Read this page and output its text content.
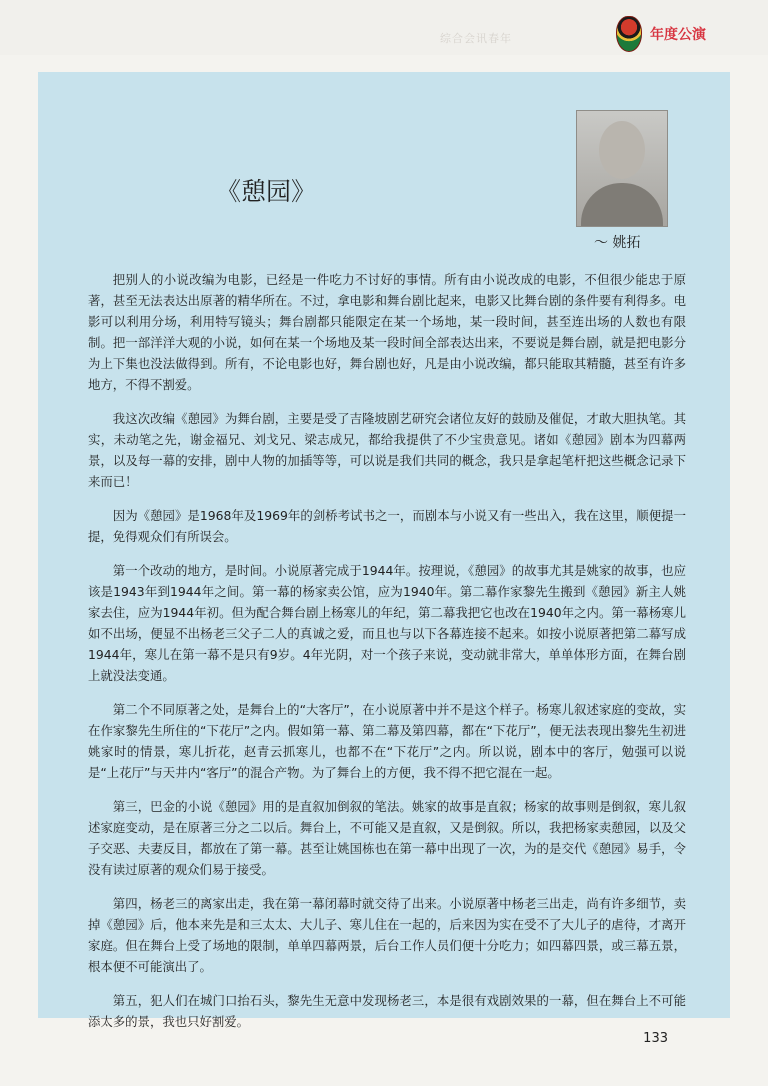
综合会讯春年	年度公演
《憩园》
～ 姚拓

把别人的小说改编为电影，已经是一件吃力不讨好的事情。所有由小说改成的电影，不但很少能忠于原著，甚至无法表达出原著的精华所在。不过，拿电影和舞台剧比起来，电影又比舞台剧的条件要有利得多。电影可以利用分场，利用特写镜头；舞台剧都只能限定在某一个场地，某一段时间，甚至连出场的人数也有限制。把一部洋洋大观的小说，如何在某一个场地及某一段时间全部表达出来，不要说是舞台剧，就是把电影分为上下集也没法做得到。所有，不论电影也好，舞台剧也好，凡是由小说改编，都只能取其精髓，甚至有许多地方，不得不割爱。

我这次改编《憩园》为舞台剧，主要是受了吉隆坡剧艺研究会诸位友好的鼓励及催促，才敢大胆执笔。其实，未动笔之先，谢金福兄、刘戈兄、梁志成兄，都给我提供了不少宝贵意见。诸如《憩园》剧本为四幕两景，以及每一幕的安排，剧中人物的加插等等，可以说是我们共同的概念，我只是拿起笔杆把这些概念记录下来而已！

因为《憩园》是1968年及1969年的剑桥考试书之一，而剧本与小说又有一些出入，我在这里，顺便提一提，免得观众们有所误会。

第一个改动的地方，是时间。小说原著完成于1944年。按理说，《憩园》的故事尤其是姚家的故事，也应该是1943年到1944年之间。第一幕的杨家卖公馆，应为1940年。第二幕作家黎先生搬到《憩园》新主人姚家去住，应为1944年初。但为配合舞台剧上杨寒儿的年纪，第二幕我把它也改在1940年之内。第一幕杨寒儿如不出场，便显不出杨老三父子二人的真诚之爱，而且也与以下各幕连接不起来。如按小说原著把第二幕写成1944年，寒儿在第一幕不是只有9岁。4年光阴，对一个孩子来说，变动就非常大，单单体形方面，在舞台剧上就没法变通。

第二个不同原著之处，是舞台上的“大客厅”，在小说原著中并不是这个样子。杨寒儿叙述家庭的变故，实在作家黎先生所住的“下花厅”之内。假如第一幕、第二幕及第四幕，都在“下花厅”，便无法表现出黎先生初进姚家时的情景，寒儿折花，赵青云抓寒儿，也都不在“下花厅”之内。所以说，剧本中的客厅，勉强可以说是“上花厅”与天井内“客厅”的混合产物。为了舞台上的方便，我不得不把它混在一起。

第三，巴金的小说《憩园》用的是直叙加倒叙的笔法。姚家的故事是直叙；杨家的故事则是倒叙，寒儿叙述家庭变动，是在原著三分之二以后。舞台上，不可能又是直叙，又是倒叙。所以，我把杨家卖憩园，以及父子交恶、夫妻反目，都放在了第一幕。甚至让姚国栋也在第一幕中出现了一次，为的是交代《憩园》易手，令没有读过原著的观众们易于接受。

第四，杨老三的离家出走，我在第一幕闭幕时就交待了出来。小说原著中杨老三出走，尚有许多细节，卖掉《憩园》后，他本来先是和三太太、大儿子、寒儿住在一起的，后来因为实在受不了大儿子的虐待，才离开家庭。但在舞台上受了场地的限制，单单四幕两景，后台工作人员们便十分吃力；如四幕四景，或三幕五景，根本便不可能演出了。

第五，犯人们在城门口抬石头，黎先生无意中发现杨老三，本是很有戏剧效果的一幕，但在舞台上不可能添太多的景，我也只好割爱。

133
